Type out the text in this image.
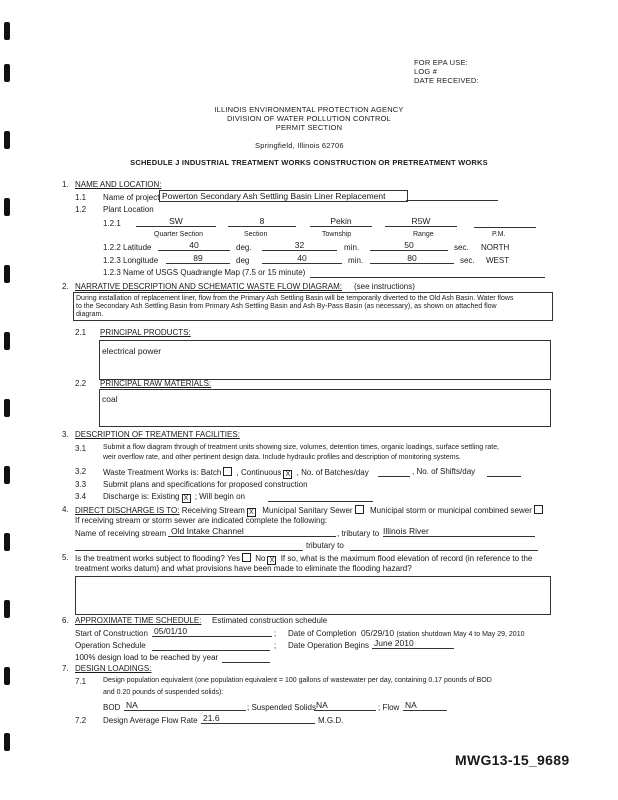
FOR EPA USE:
LOG #
DATE RECEIVED:
ILLINOIS ENVIRONMENTAL PROTECTION AGENCY
DIVISION OF WATER POLLUTION CONTROL
PERMIT SECTION
Springfield, Illinois 62706
SCHEDULE J INDUSTRIAL TREATMENT WORKS CONSTRUCTION OR PRETREATMENT WORKS
1. NAME AND LOCATION:
1.1 Name of project Powerton Secondary Ash Settling Basin Liner Replacement
1.2 Plant Location
1.2.1	SW	8	Pekin	R5W
Quarter Section	Section	Township	Range	P.M.
1.2.2 Latitude	40	deg.	32	min.	50	sec. NORTH
1.2.3 Longitude	89	deg	40	min.	80	sec. WEST
1.2.3 Name of USGS Quadrangle Map (7.5 or 15 minute)
2. NARRATIVE DESCRIPTION AND SCHEMATIC WASTE FLOW DIAGRAM: (see instructions)
During installation of replacement liner, flow from the Primary Ash Settling Basin will be temporarily diverted to the Old Ash Basin. Water flows
to the Secondary Ash Settling Basin from Primary Ash Settling Basin and Ash By-Pass Basin (as necessary), as shown on attached flow
diagram.
2.1 PRINCIPAL PRODUCTS:
electrical power
2.2 PRINCIPAL RAW MATERIALS:
coal
3. DESCRIPTION OF TREATMENT FACILITIES:
3.1 Submit a flow diagram through of treatment units showing size, volumes, detention times, organic loadings, surface settling rate,
weir overflow rate, and other pertinent design data. Include hydraulic profiles and description of monitoring systems.
3.2 Waste Treatment Works is: Batch , Continuous X , No. of Batches/day	, No. of Shifts/day
3.3 Submit plans and specifications for proposed construction
3.4 Discharge is: Existing X ; Will begin on
4. DIRECT DISCHARGE IS TO: Receiving Stream X Municipal Sanitary Sewer Municipal storm or municipal combined sewer
If receiving stream or storm sewer are indicated complete the following:
Name of receiving stream Old Intake Channel	, tributary to Illinois River
tributary to
5. Is the treatment works subject to flooding? Yes No X If so, what is the maximum flood elevation of record (in reference to the
treatment works datum) and what provisions have been made to eliminate the flooding hazard?
6. APPROXIMATE TIME SCHEDULE: Estimated construction schedule
Start of Construction 05/01/10	; Date of Completion 05/29/10 (station shutdown May 4 to May 29, 2010
Operation Schedule	; Date Operation Begins June 2010
100% design load to be reached by year
7. DESIGN LOADINGS:
7.1 Design population equivalent (one population equivalent = 100 gallons of wastewater per day, containing 0.17 pounds of BOD
and 0.20 pounds of suspended solids):
BOD NA	; Suspended Solids NA	; Flow NA
7.2 Design Average Flow Rate 21.6	M.G.D.
MWG13-15_9689
